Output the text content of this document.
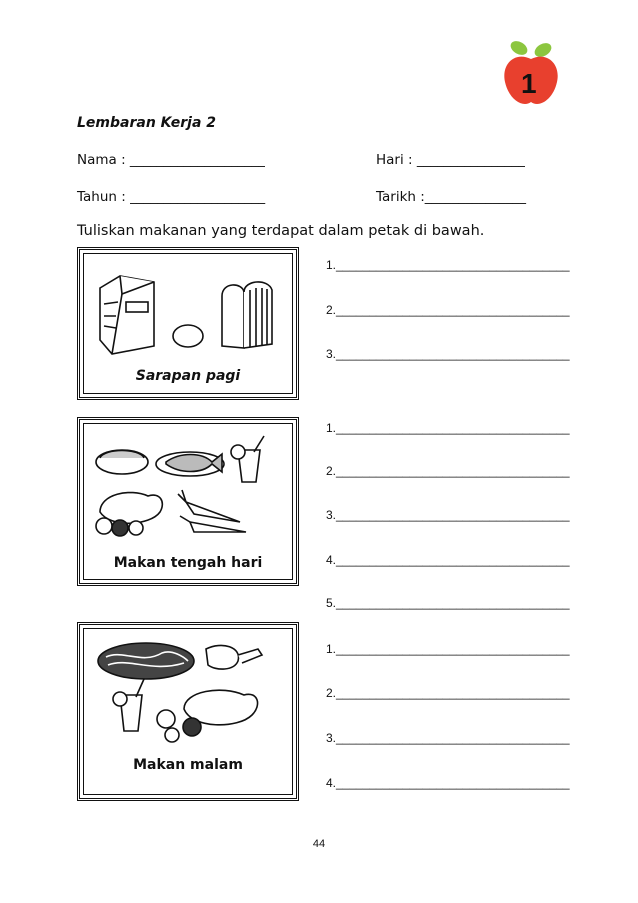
1
Lembaran Kerja 2
Nama : ____________________	Hari : ________________
Tahun : ____________________	Tarikh :_______________
Tuliskan makanan yang terdapat dalam petak di bawah.
Sarapan pagi
Makan tengah hari
Makan malam
1.___________________________________
2.___________________________________
3.___________________________________
1.___________________________________
2.___________________________________
3.___________________________________
4.___________________________________
5.___________________________________
1.___________________________________
2.___________________________________
3.___________________________________
4.___________________________________
44
